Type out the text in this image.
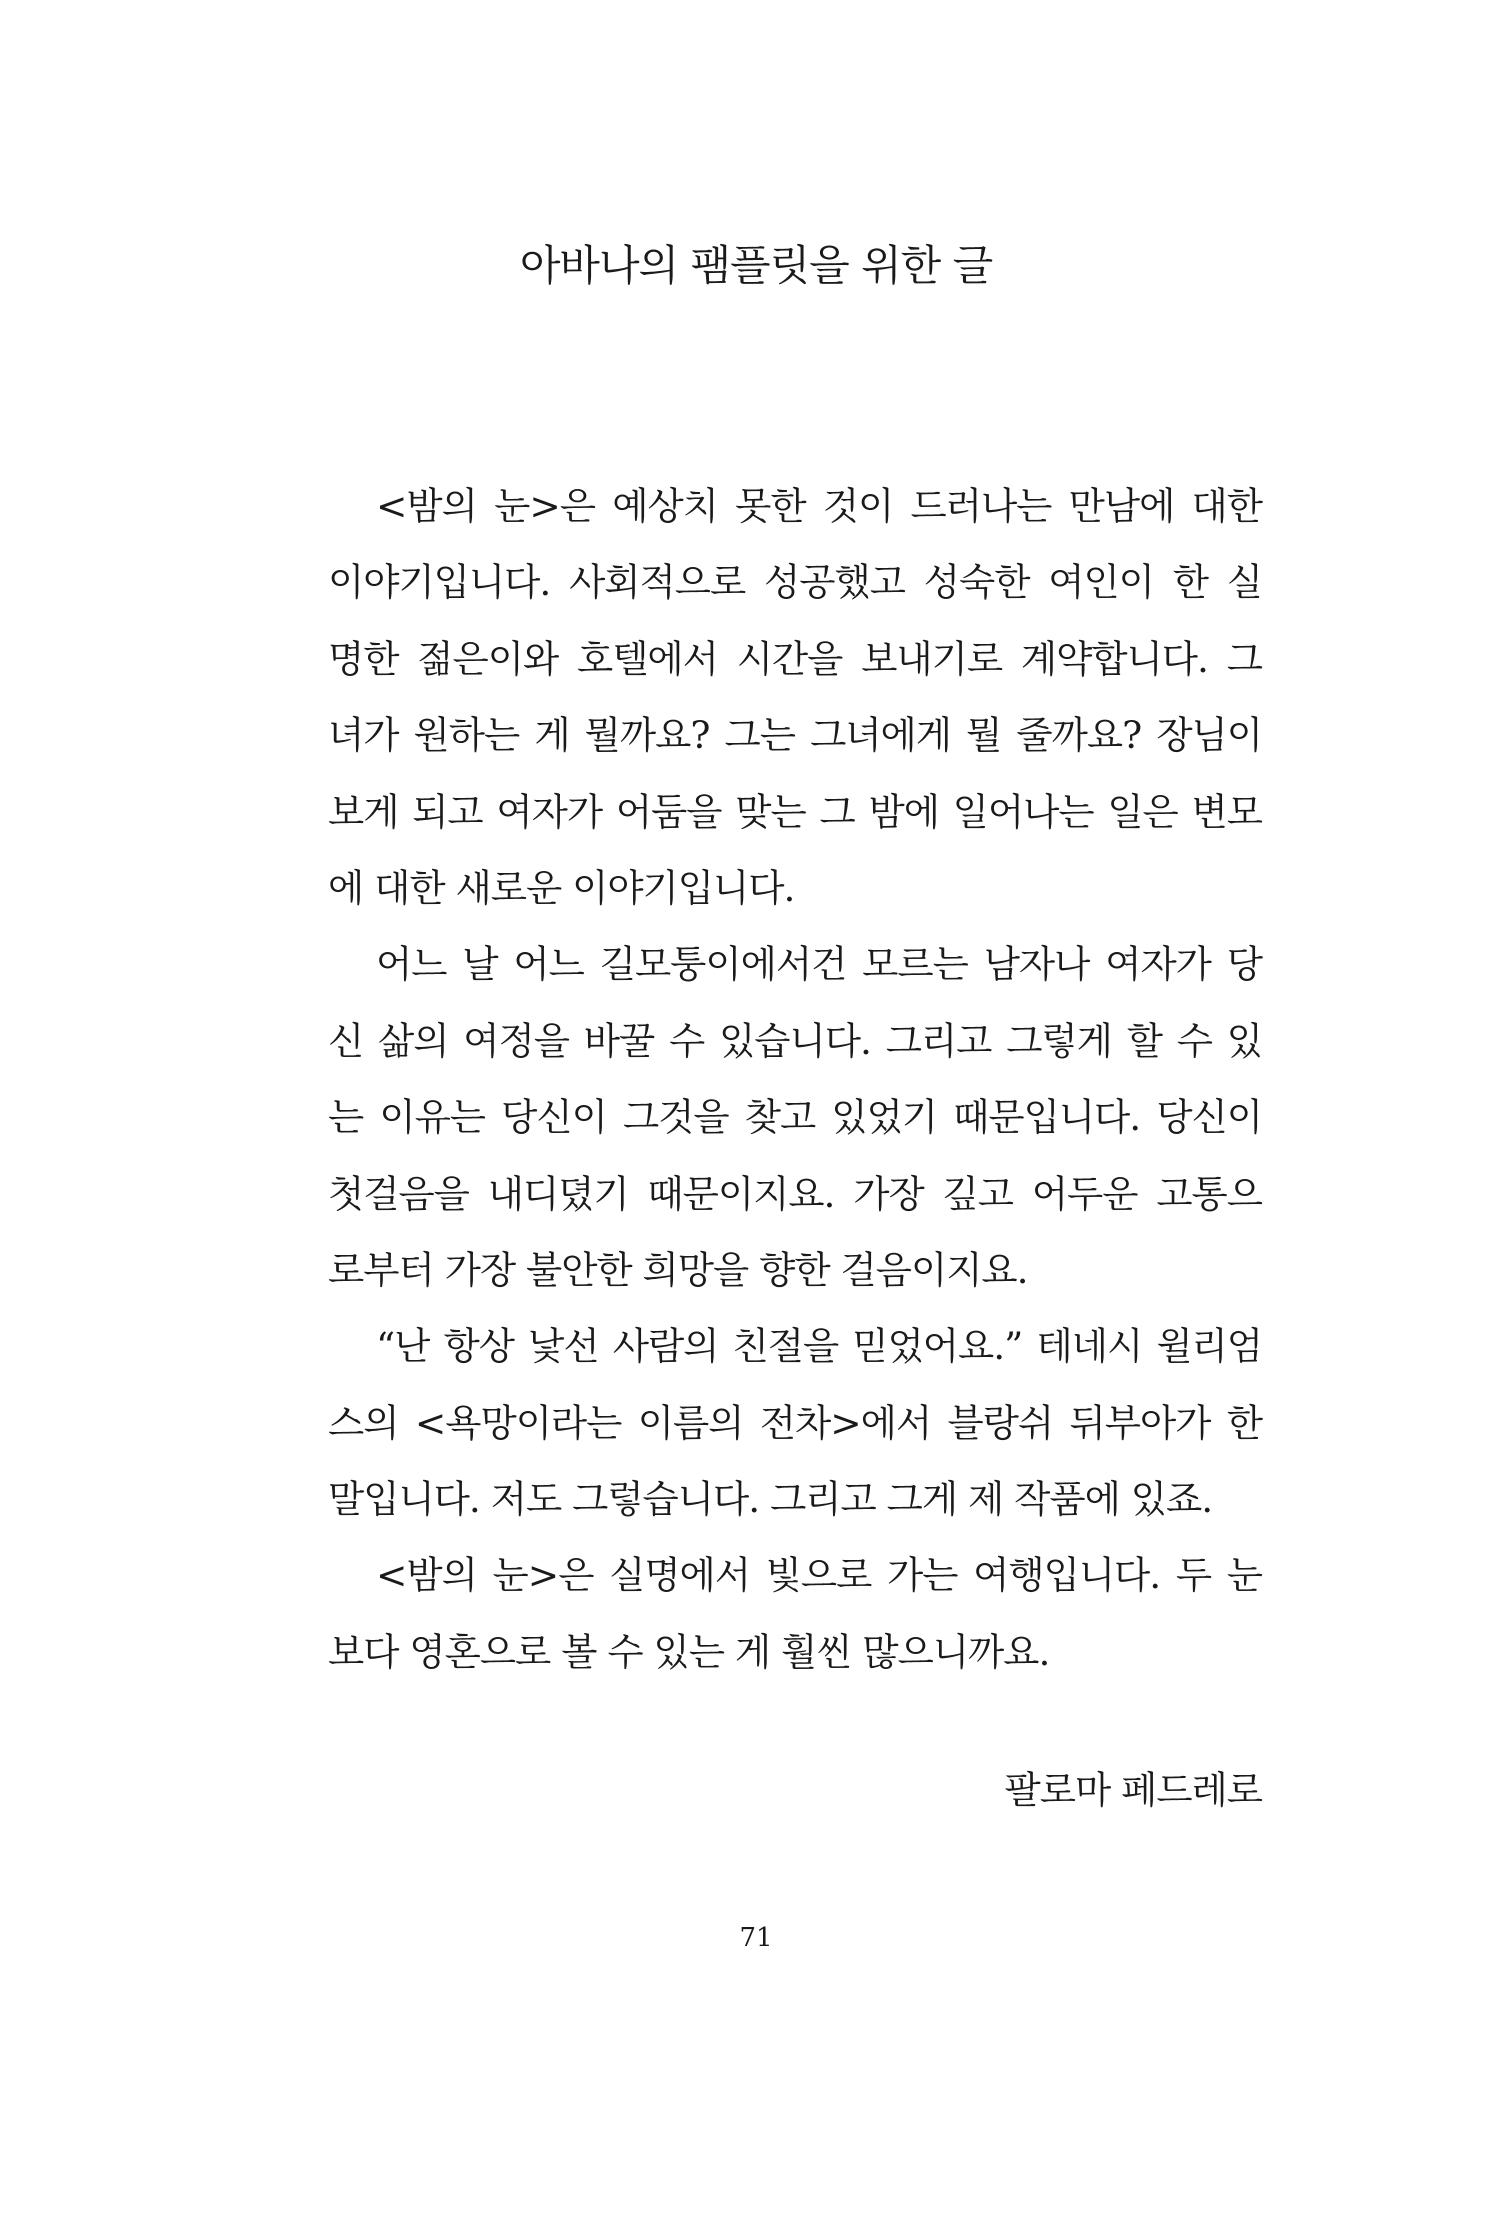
아바나의 팸플릿을 위한 글
<밤의 눈>은 예상치 못한 것이 드러나는 만남에 대한
이야기입니다. 사회적으로 성공했고 성숙한 여인이 한 실
명한 젊은이와 호텔에서 시간을 보내기로 계약합니다. 그
녀가 원하는 게 뭘까요? 그는 그녀에게 뭘 줄까요? 장님이
보게 되고 여자가 어둠을 맞는 그 밤에 일어나는 일은 변모
에 대한 새로운 이야기입니다.
어느 날 어느 길모퉁이에서건 모르는 남자나 여자가 당
신 삶의 여정을 바꿀 수 있습니다. 그리고 그렇게 할 수 있
는 이유는 당신이 그것을 찾고 있었기 때문입니다. 당신이
첫걸음을 내디뎠기 때문이지요. 가장 깊고 어두운 고통으
로부터 가장 불안한 희망을 향한 걸음이지요.
“난 항상 낯선 사람의 친절을 믿었어요.” 테네시 윌리엄
스의 <욕망이라는 이름의 전차>에서 블랑쉬 뒤부아가 한
말입니다. 저도 그렇습니다. 그리고 그게 제 작품에 있죠.
<밤의 눈>은 실명에서 빛으로 가는 여행입니다. 두 눈
보다 영혼으로 볼 수 있는 게 훨씬 많으니까요.
팔로마 페드레로
71
